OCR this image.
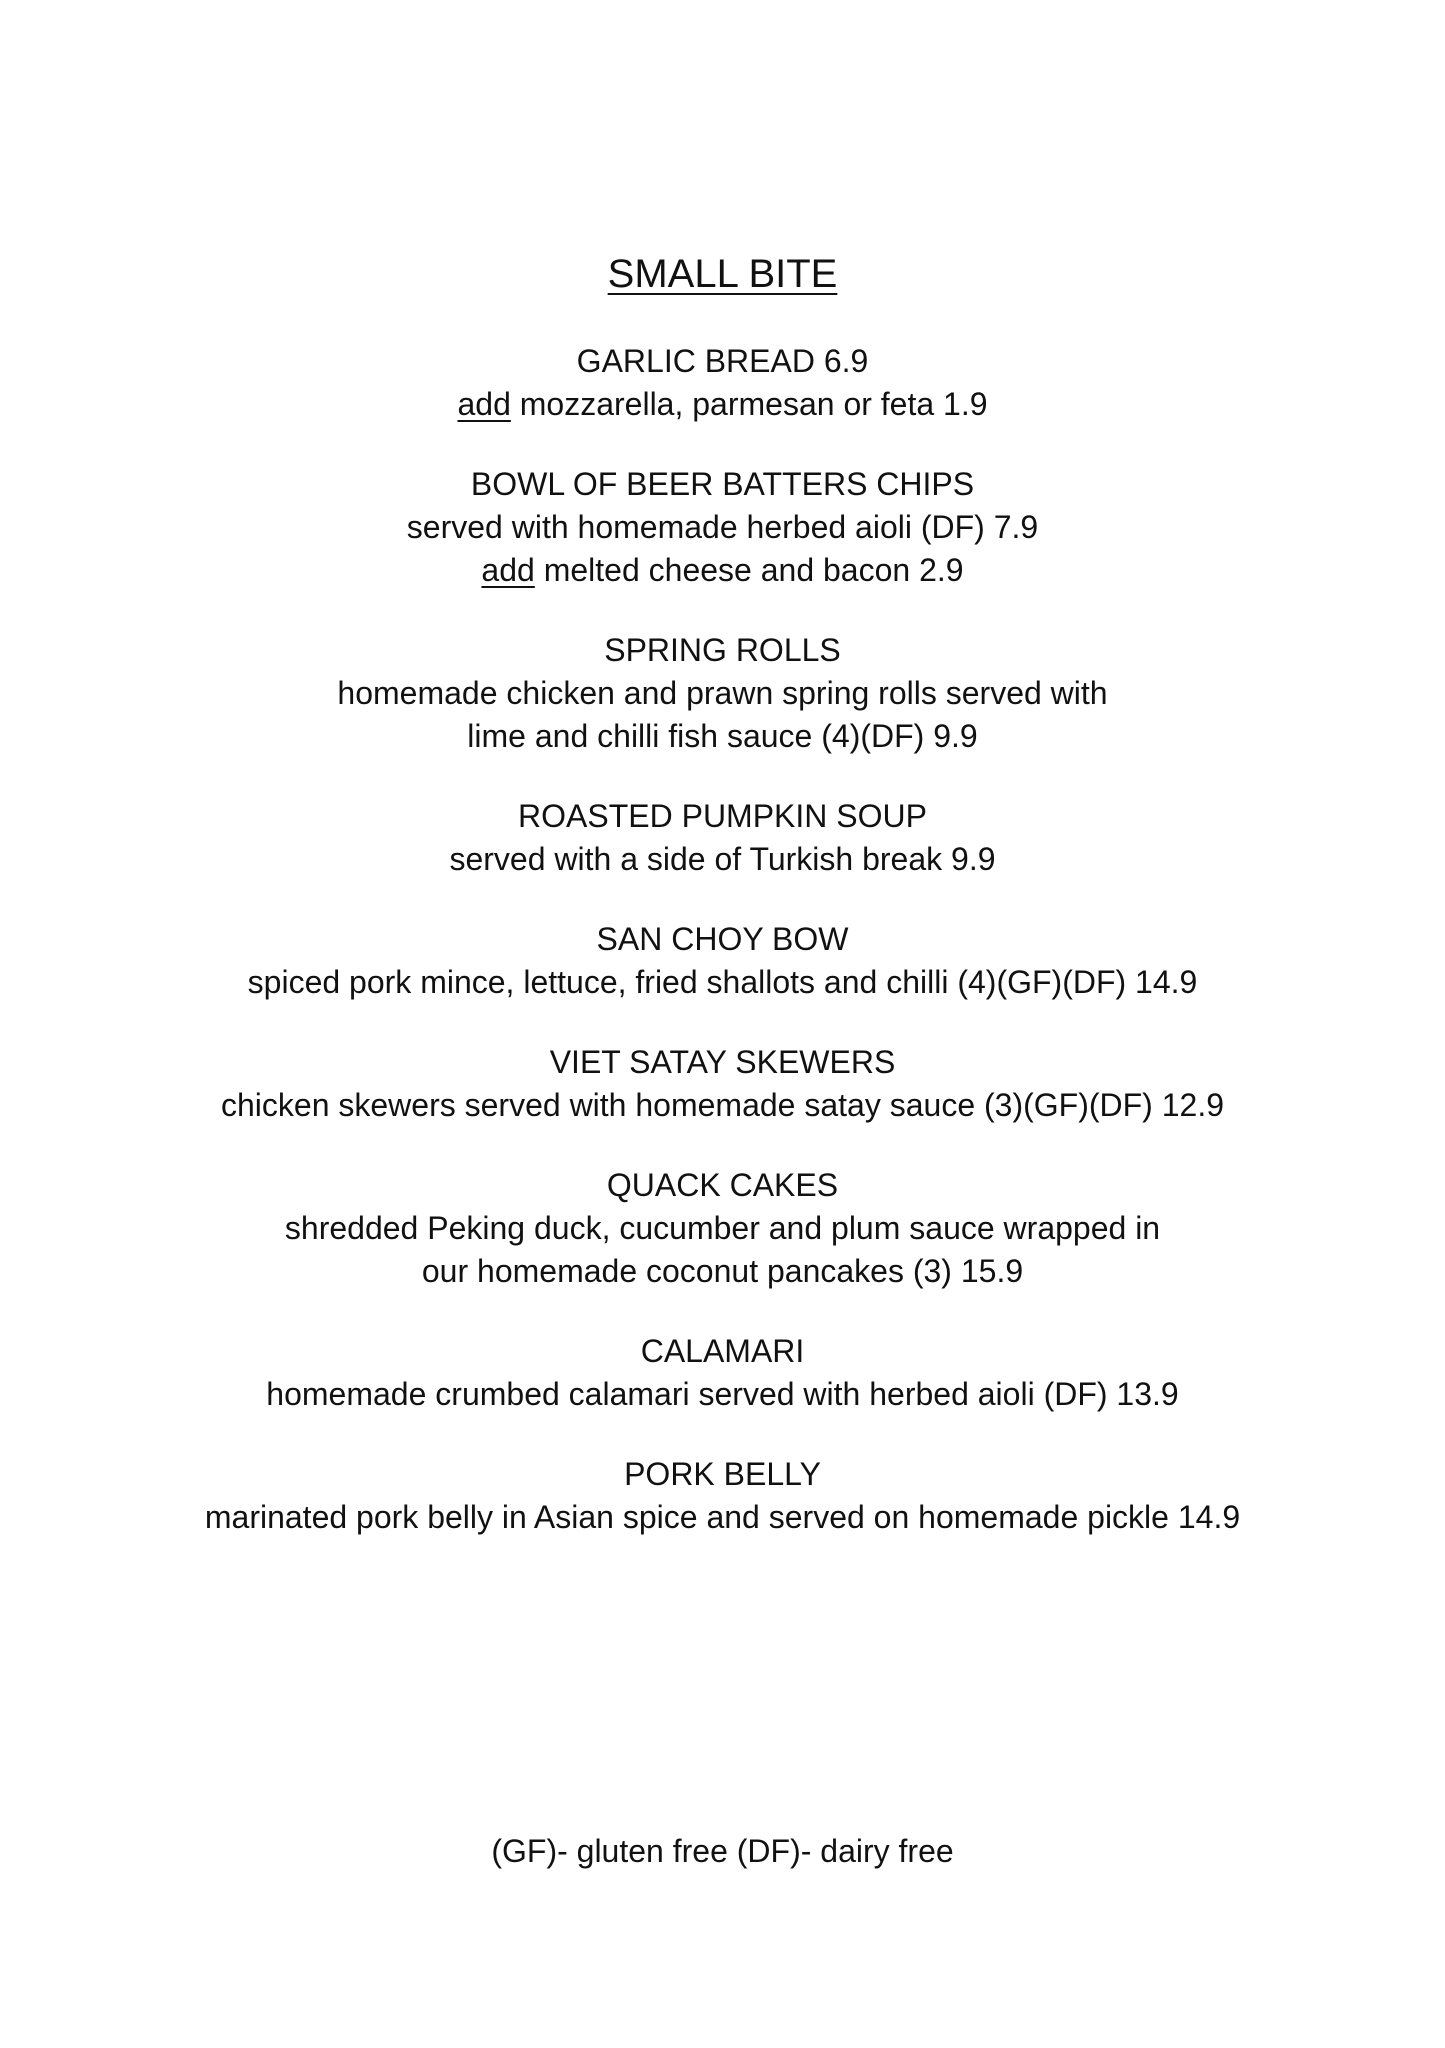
SMALL BITE
GARLIC BREAD 6.9
add mozzarella, parmesan or feta 1.9
BOWL OF BEER BATTERS CHIPS
served with homemade herbed aioli (DF) 7.9
add melted cheese and bacon 2.9
SPRING ROLLS
homemade chicken and prawn spring rolls served with
lime and chilli fish sauce (4)(DF) 9.9
ROASTED PUMPKIN SOUP
served with a side of Turkish break 9.9
SAN CHOY BOW
spiced pork mince, lettuce, fried shallots and chilli (4)(GF)(DF) 14.9
VIET SATAY SKEWERS
chicken skewers served with homemade satay sauce (3)(GF)(DF) 12.9
QUACK CAKES
shredded Peking duck, cucumber and plum sauce wrapped in
our homemade coconut pancakes (3) 15.9
CALAMARI
homemade crumbed calamari served with herbed aioli (DF) 13.9
PORK BELLY
marinated pork belly in Asian spice and served on homemade pickle 14.9
(GF)- gluten free (DF)- dairy free
